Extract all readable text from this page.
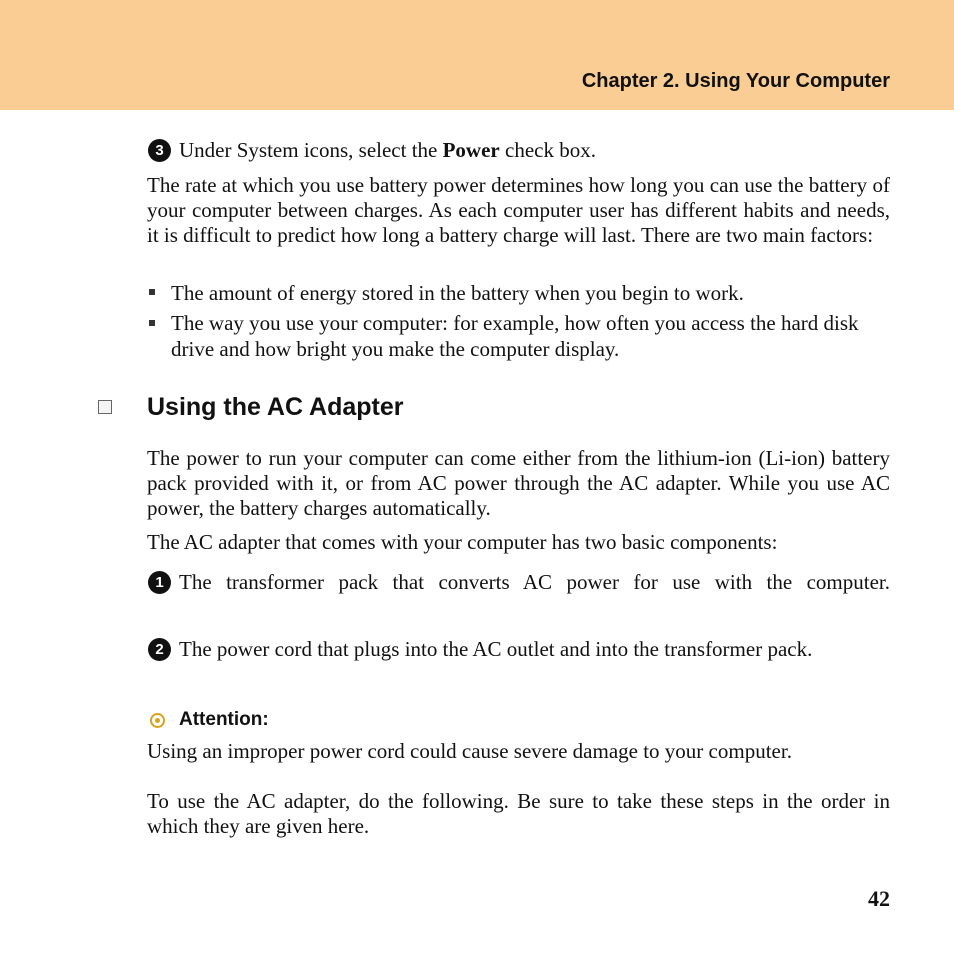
Chapter 2. Using Your Computer
3 Under System icons, select the Power check box.
The rate at which you use battery power determines how long you can use the battery of your computer between charges. As each computer user has different habits and needs, it is difficult to predict how long a battery charge will last. There are two main factors:
The amount of energy stored in the battery when you begin to work.
The way you use your computer: for example, how often you access the hard disk drive and how bright you make the computer display.
Using the AC Adapter
The power to run your computer can come either from the lithium-ion (Li-ion) battery pack provided with it, or from AC power through the AC adapter. While you use AC power, the battery charges automatically.
The AC adapter that comes with your computer has two basic components:
1 The transformer pack that converts AC power for use with the computer.
2 The power cord that plugs into the AC outlet and into the transformer pack.
Attention:
Using an improper power cord could cause severe damage to your computer.
To use the AC adapter, do the following. Be sure to take these steps in the order in which they are given here.
42
